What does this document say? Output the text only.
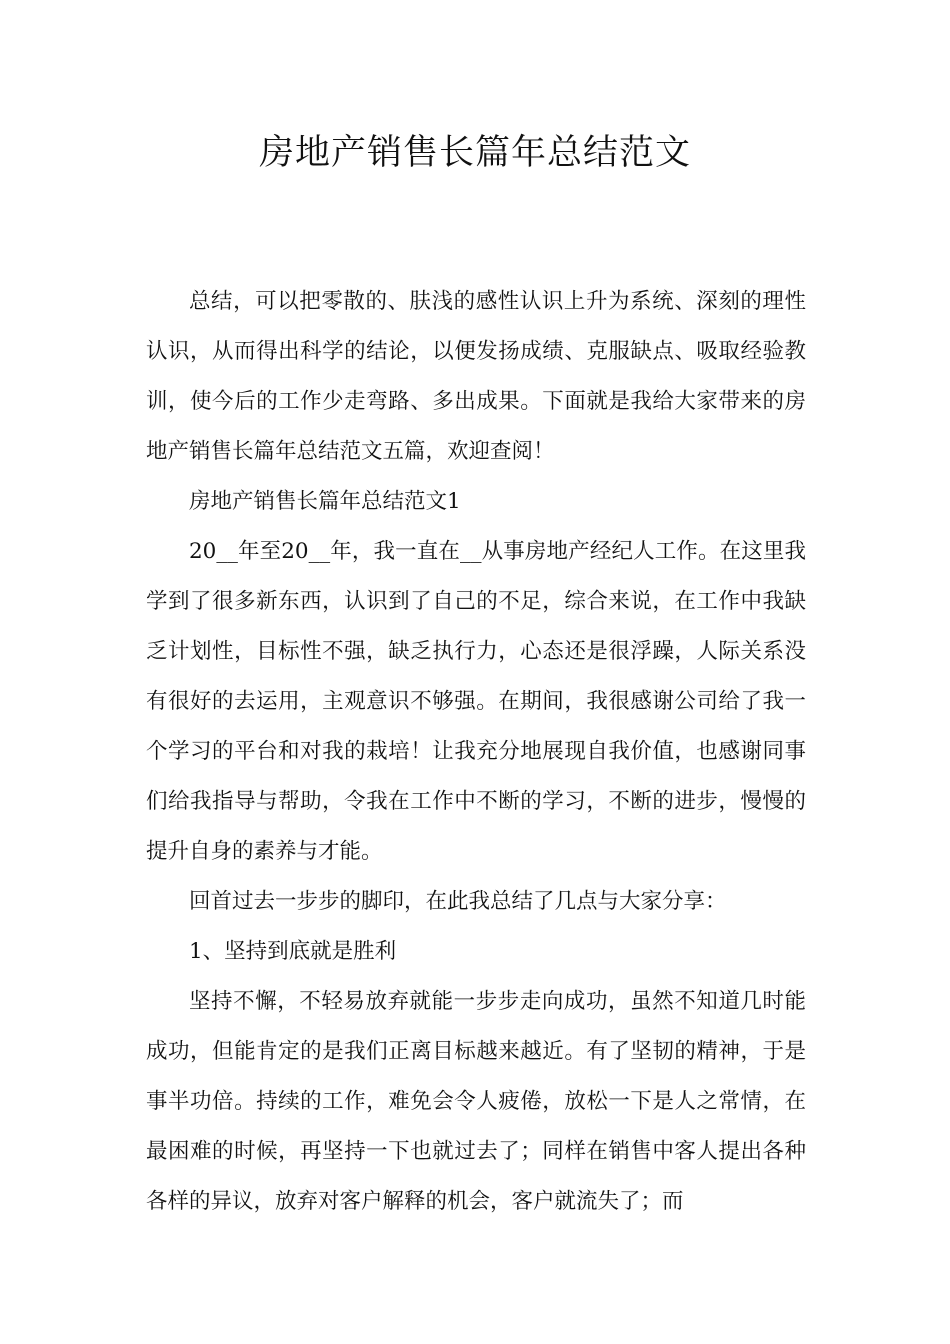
房地产销售长篇年总结范文

总结，可以把零散的、肤浅的感性认识上升为系统、深刻的理性认识，从而得出科学的结论，以便发扬成绩、克服缺点、吸取经验教训，使今后的工作少走弯路、多出成果。下面就是我给大家带来的房地产销售长篇年总结范文五篇，欢迎查阅！

房地产销售长篇年总结范文1

20__年至20__年，我一直在__从事房地产经纪人工作。在这里我学到了很多新东西，认识到了自己的不足，综合来说，在工作中我缺乏计划性，目标性不强，缺乏执行力，心态还是很浮躁，人际关系没有很好的去运用，主观意识不够强。在期间，我很感谢公司给了我一个学习的平台和对我的栽培！让我充分地展现自我价值，也感谢同事们给我指导与帮助，令我在工作中不断的学习，不断的进步，慢慢的提升自身的素养与才能。

回首过去一步步的脚印，在此我总结了几点与大家分享：

1、坚持到底就是胜利

坚持不懈，不轻易放弃就能一步步走向成功，虽然不知道几时能成功，但能肯定的是我们正离目标越来越近。有了坚韧的精神，于是事半功倍。持续的工作，难免会令人疲倦，放松一下是人之常情，在最困难的时候，再坚持一下也就过去了；同样在销售中客人提出各种各样的异议，放弃对客户解释的机会，客户就流失了；而
